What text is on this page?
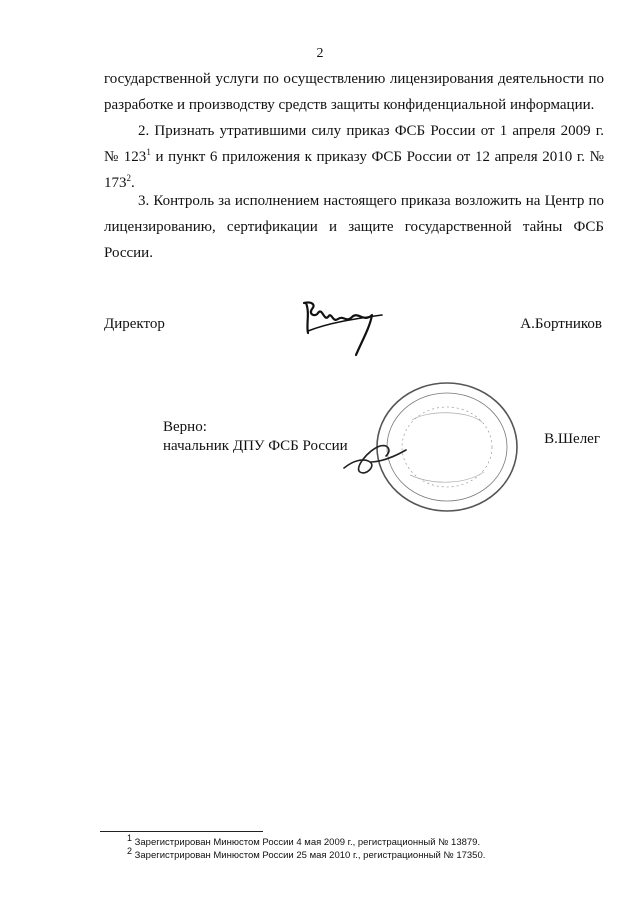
2
государственной услуги по осуществлению лицензирования деятельности по разработке и производству средств защиты конфиденциальной информации.
2. Признать утратившими силу приказ ФСБ России от 1 апреля 2009 г. № $123^1$ и пункт 6 приложения к приказу ФСБ России от 12 апреля 2010 г. № $173^2$.
3. Контроль за исполнением настоящего приказа возложить на Центр по лицензированию, сертификации и защите государственной тайны ФСБ России.
Директор	А.Бортников
Верно:
начальник ДПУ ФСБ России	В.Шелег
$^1$ Зарегистрирован Минюстом России 4 мая 2009 г., регистрационный № 13879.
$^2$ Зарегистрирован Минюстом России 25 мая 2010 г., регистрационный № 17350.
